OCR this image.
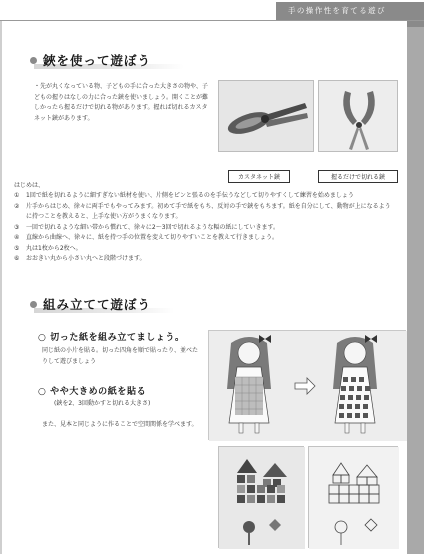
手の操作性を育てる遊び
鋏を使って遊ぼう
・先が丸くなっている物、子どもの手に合った大きさの物や、子どもの握りはなしの力に合った鋏を使いましょう。開くことが難しかったら握るだけで切れる物があります。握れば切れるカスタネット鋏があります。
カスタネット鋏	握るだけで切れる鋏
はじめは、
①	1回で紙を切れるように細すぎない紙材を使い、片側をピンと張るのを手伝うなどして切りやすくして練習を始めましょう
②	片手からはじめ、徐々に両手でもやってみます。初めて手で紙をもち、反対の手で鋏をもちます。紙を自分にして、動物が上になるように持つことを教えると、上手な使い方がうまくなります。
③	一回で切れるような細い帯から慣れて、徐々に2〜3回で切れるような幅の紙にしていきます。
④	直線から曲線へ、徐々に、紙を持つ手の位置を変えて切りやすいことを教えて行きましょう。
⑤	丸は1枚から2枚へ。
⑥	おおきい丸から小さい丸へと段階づけます。
組み立てて遊ぼう
○ 切った紙を組み立てましょう。
同じ紙の小片を貼る。切った四角を順で貼ったり、並べたりして遊びましょう
○ やや大きめの紙を貼る
(鋏を2、3回動かすと切れる大きさ)
また、見本と同じように作ることで空間関係を学べます。
